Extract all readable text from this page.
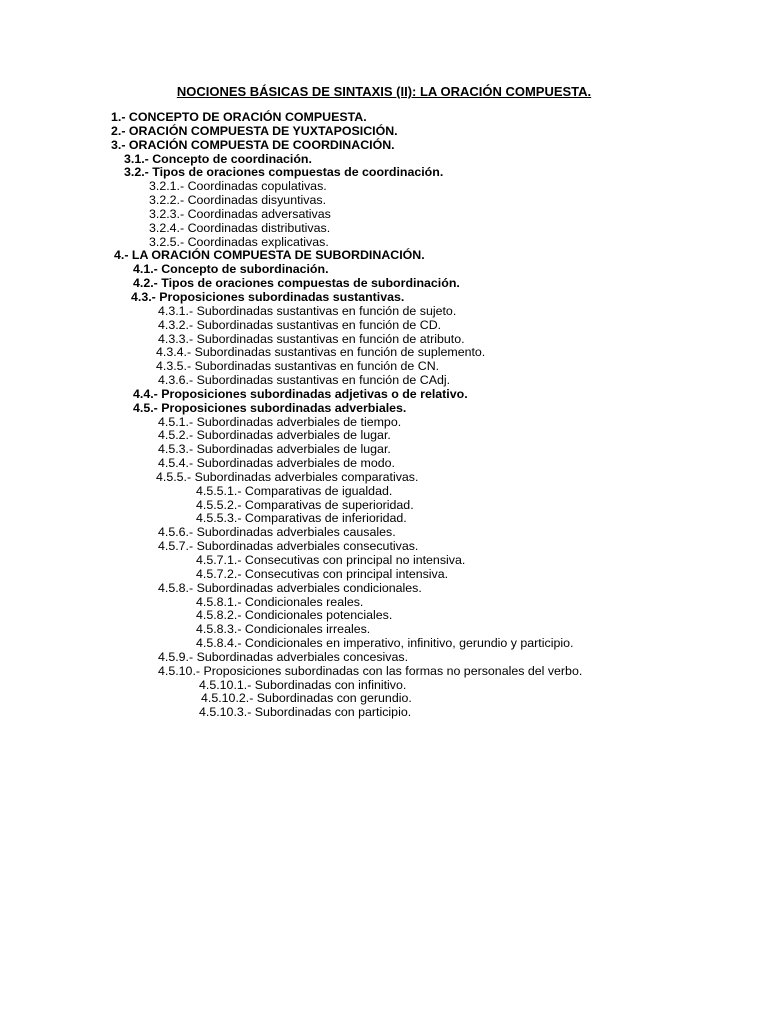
NOCIONES BÁSICAS DE SINTAXIS (II): LA ORACIÓN COMPUESTA.
1.- CONCEPTO DE ORACIÓN COMPUESTA.
2.- ORACIÓN COMPUESTA DE YUXTAPOSICIÓN.
3.- ORACIÓN COMPUESTA DE COORDINACIÓN.
3.1.- Concepto de coordinación.
3.2.- Tipos de oraciones compuestas de coordinación.
3.2.1.- Coordinadas copulativas.
3.2.2.- Coordinadas disyuntivas.
3.2.3.- Coordinadas adversativas
3.2.4.- Coordinadas distributivas.
3.2.5.- Coordinadas explicativas.
4.- LA ORACIÓN COMPUESTA DE SUBORDINACIÓN.
4.1.- Concepto de subordinación.
4.2.- Tipos de oraciones compuestas de subordinación.
4.3.- Proposiciones subordinadas sustantivas.
4.3.1.- Subordinadas sustantivas en función de sujeto.
4.3.2.- Subordinadas sustantivas en función de CD.
4.3.3.- Subordinadas sustantivas en función de atributo.
4.3.4.- Subordinadas sustantivas en función de suplemento.
4.3.5.- Subordinadas sustantivas en función de CN.
4.3.6.- Subordinadas sustantivas en función de CAdj.
4.4.- Proposiciones subordinadas adjetivas o de relativo.
4.5.- Proposiciones subordinadas adverbiales.
4.5.1.- Subordinadas adverbiales de tiempo.
4.5.2.- Subordinadas adverbiales de lugar.
4.5.3.- Subordinadas adverbiales de lugar.
4.5.4.- Subordinadas adverbiales de modo.
4.5.5.- Subordinadas adverbiales comparativas.
4.5.5.1.- Comparativas de igualdad.
4.5.5.2.- Comparativas de superioridad.
4.5.5.3.- Comparativas de inferioridad.
4.5.6.- Subordinadas adverbiales causales.
4.5.7.- Subordinadas adverbiales consecutivas.
4.5.7.1.- Consecutivas con principal no intensiva.
4.5.7.2.- Consecutivas con principal intensiva.
4.5.8.- Subordinadas adverbiales condicionales.
4.5.8.1.- Condicionales reales.
4.5.8.2.- Condicionales potenciales.
4.5.8.3.- Condicionales irreales.
4.5.8.4.- Condicionales en imperativo, infinitivo, gerundio y participio.
4.5.9.- Subordinadas adverbiales concesivas.
4.5.10.- Proposiciones subordinadas con las formas no personales del verbo.
4.5.10.1.- Subordinadas con infinitivo.
4.5.10.2.- Subordinadas con gerundio.
4.5.10.3.- Subordinadas con participio.
